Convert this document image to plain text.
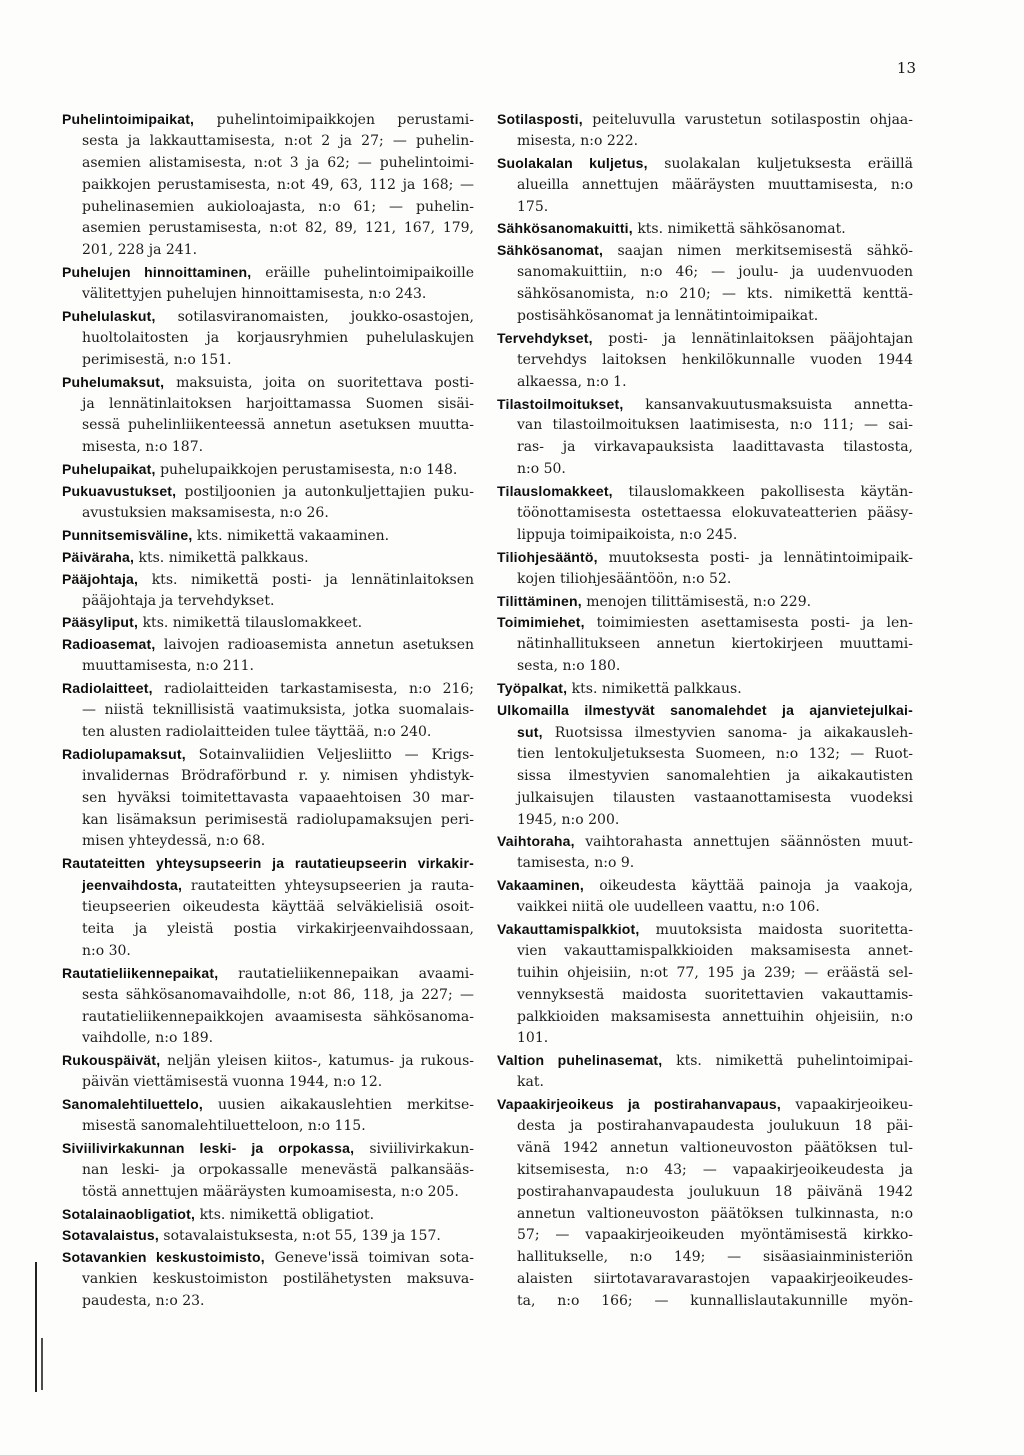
13
Puhelintoimipaikat, puhelintoimipaikkojen perustami-
sesta ja lakkauttamisesta, n:ot 2 ja 27; — puhelin-
asemien alistamisesta, n:ot 3 ja 62; — puhelintoimi-
paikkojen perustamisesta, n:ot 49, 63, 112 ja 168; —
puhelinasemien aukioloajasta, n:o 61; — puhelin-
asemien perustamisesta, n:ot 82, 89, 121, 167, 179,
201, 228 ja 241.
Puhelujen hinnoittaminen, eräille puhelintoimipaikoille
välitettyjen puhelujen hinnoittamisesta, n:o 243.
Puhelulaskut, sotilasviranomaisten, joukko-osastojen,
huoltolaitosten ja korjausryhmien puhelulaskujen
perimisestä, n:o 151.
Puhelumaksut, maksuista, joita on suoritettava posti-
ja lennätinlaitoksen harjoittamassa Suomen sisäi-
sessä puhelinliikenteessä annetun asetuksen muutta-
misesta, n:o 187.
Puhelupaikat, puhelupaikkojen perustamisesta, n:o 148.
Pukuavustukset, postiljoonien ja autonkuljettajien puku-
avustuksien maksamisesta, n:o 26.
Punnitsemisväline, kts. nimikettä vakaaminen.
Päiväraha, kts. nimikettä palkkaus.
Pääjohtaja, kts. nimikettä posti- ja lennätinlaitoksen
pääjohtaja ja tervehdykset.
Pääsyliput, kts. nimikettä tilauslomakkeet.
Radioasemat, laivojen radioasemista annetun asetuksen
muuttamisesta, n:o 211.
Radiolaitteet, radiolaitteiden tarkastamisesta, n:o 216;
— niistä teknillisistä vaatimuksista, jotka suomalais-
ten alusten radiolaitteiden tulee täyttää, n:o 240.
Radiolupamaksut, Sotainvaliidien Veljesliitto — Krigs-
invalidernas Brödraförbund r. y. nimisen yhdistyk-
sen hyväksi toimitettavasta vapaaehtoisen 30 mar-
kan lisämaksun perimisestä radiolupamaksujen peri-
misen yhteydessä, n:o 68.
Rautateitten yhteysupseerin ja rautatieupseerin virkakir-
jeenvaihdosta, rautateitten yhteysupseerien ja rauta-
tieupseerien oikeudesta käyttää selväkielisiä osoit-
teita ja yleistä postia virkakirjeenvaihdossaan,
n:o 30.
Rautatieliikennepaikat, rautatieliikennepaikan avaami-
sesta sähkösanomavaihdolle, n:ot 86, 118, ja 227; —
rautatieliikennepaikkojen avaamisesta sähkösanoma-
vaihdolle, n:o 189.
Rukouspäivät, neljän yleisen kiitos-, katumus- ja rukous-
päivän viettämisestä vuonna 1944, n:o 12.
Sanomalehtiluettelo, uusien aikakauslehtien merkitse-
misestä sanomalehtiluetteloon, n:o 115.
Siviilivirkakunnan leski- ja orpokassa, siviilivirkakun-
nan leski- ja orpokassalle menevästä palkansääs-
töstä annettujen määräysten kumoamisesta, n:o 205.
Sotalainaobligatiot, kts. nimikettä obligatiot.
Sotavalaistus, sotavalaistuksesta, n:ot 55, 139 ja 157.
Sotavankien keskustoimisto, Geneve'issä toimivan sota-
vankien keskustoimiston postilähetysten maksuva-
paudesta, n:o 23.
Sotilasposti, peiteluvulla varustetun sotilaspostin ohjaa-
misesta, n:o 222.
Suolakalan kuljetus, suolakalan kuljetuksesta eräillä
alueilla annettujen määräysten muuttamisesta, n:o
175.
Sähkösanomakuitti, kts. nimikettä sähkösanomat.
Sähkösanomat, saajan nimen merkitsemisestä sähkö-
sanomakuittiin, n:o 46; — joulu- ja uudenvuoden
sähkösanomista, n:o 210; — kts. nimikettä kenttä-
postisähkösanomat ja lennätintoimipaikat.
Tervehdykset, posti- ja lennätinlaitoksen pääjohtajan
tervehdys laitoksen henkilökunnalle vuoden 1944
alkaessa, n:o 1.
Tilastoilmoitukset, kansanvakuutusmaksuista annetta-
van tilastoilmoituksen laatimisesta, n:o 111; — sai-
ras- ja virkavapauksista laadittavasta tilastosta,
n:o 50.
Tilauslomakkeet, tilauslomakkeen pakollisesta käytän-
töönottamisesta ostettaessa elokuvateatterien pääsy-
lippuja toimipaikoista, n:o 245.
Tiliohjesääntö, muutoksesta posti- ja lennätintoimipaik-
kojen tiliohjesääntöön, n:o 52.
Tilittäminen, menojen tilittämisestä, n:o 229.
Toimimiehet, toimimiesten asettamisesta posti- ja len-
nätinhallitukseen annetun kiertokirjeen muuttami-
sesta, n:o 180.
Työpalkat, kts. nimikettä palkkaus.
Ulkomailla ilmestyvät sanomalehdet ja ajanvietejulkai-
sut, Ruotsissa ilmestyvien sanoma- ja aikakausleh-
tien lentokuljetuksesta Suomeen, n:o 132; — Ruot-
sissa ilmestyvien sanomalehtien ja aikakautisten
julkaisujen tilausten vastaanottamisesta vuodeksi
1945, n:o 200.
Vaihtoraha, vaihtorahasta annettujen säännösten muut-
tamisesta, n:o 9.
Vakaaminen, oikeudesta käyttää painoja ja vaakoja,
vaikkei niitä ole uudelleen vaattu, n:o 106.
Vakauttamispalkkiot, muutoksista maidosta suoritetta-
vien vakauttamispalkkioiden maksamisesta annet-
tuihin ohjeisiin, n:ot 77, 195 ja 239; — eräästä sel-
vennyksestä maidosta suoritettavien vakauttamis-
palkkioiden maksamisesta annettuihin ohjeisiin, n:o
101.
Valtion puhelinasemat, kts. nimikettä puhelintoimipai-
kat.
Vapaakirjeoikeus ja postirahanvapaus, vapaakirjeoikeu-
desta ja postirahanvapaudesta joulukuun 18 päi-
vänä 1942 annetun valtioneuvoston päätöksen tul-
kitsemisesta, n:o 43; — vapaakirjeoikeudesta ja
postirahanvapaudesta joulukuun 18 päivänä 1942
annetun valtioneuvoston päätöksen tulkinnasta, n:o
57; — vapaakirjeoikeuden myöntämisestä kirkko-
hallitukselle, n:o 149; — sisäasiainministeriön
alaisten siirtotavaravarastojen vapaakirjeoikeudes-
ta, n:o 166; — kunnallislautakunnille myön-
